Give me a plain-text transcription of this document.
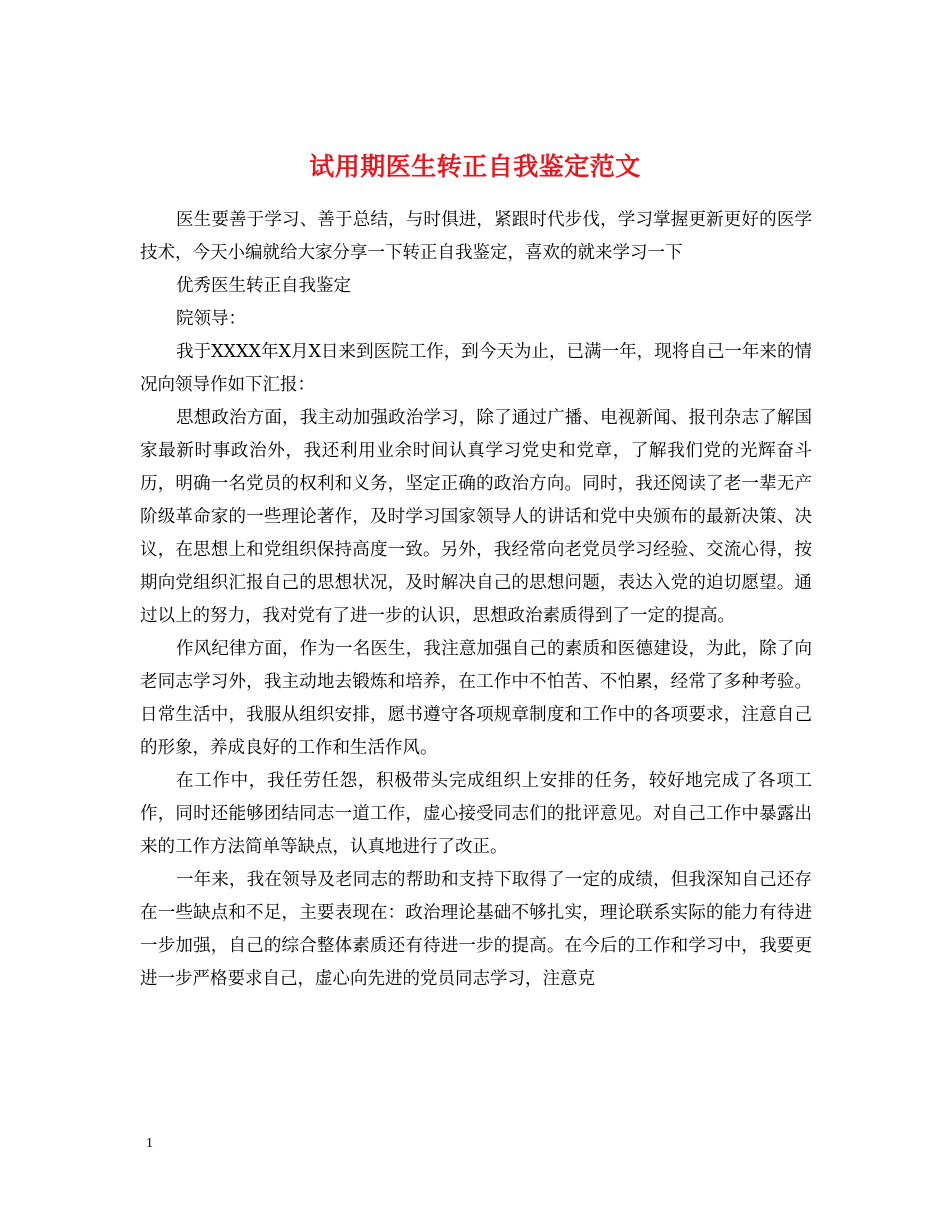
试用期医生转正自我鉴定范文

医生要善于学习、善于总结，与时俱进，紧跟时代步伐，学习掌握更新更好的医学技术，今天小编就给大家分享一下转正自我鉴定，喜欢的就来学习一下

优秀医生转正自我鉴定

院领导：

我于XXXX年X月X日来到医院工作，到今天为止，已满一年，现将自己一年来的情况向领导作如下汇报：

思想政治方面，我主动加强政治学习，除了通过广播、电视新闻、报刊杂志了解国家最新时事政治外，我还利用业余时间认真学习党史和党章，了解我们党的光辉奋斗历，明确一名党员的权利和义务，坚定正确的政治方向。同时，我还阅读了老一辈无产阶级革命家的一些理论著作，及时学习国家领导人的讲话和党中央颁布的最新决策、决议，在思想上和党组织保持高度一致。另外，我经常向老党员学习经验、交流心得，按期向党组织汇报自己的思想状况，及时解决自己的思想问题，表达入党的迫切愿望。通过以上的努力，我对党有了进一步的认识，思想政治素质得到了一定的提高。

作风纪律方面，作为一名医生，我注意加强自己的素质和医德建设，为此，除了向老同志学习外，我主动地去锻炼和培养，在工作中不怕苦、不怕累，经常了多种考验。日常生活中，我服从组织安排，愿书遵守各项规章制度和工作中的各项要求，注意自己的形象，养成良好的工作和生活作风。

在工作中，我任劳任怨，积极带头完成组织上安排的任务，较好地完成了各项工作，同时还能够团结同志一道工作，虚心接受同志们的批评意见。对自己工作中暴露出来的工作方法简单等缺点，认真地进行了改正。

一年来，我在领导及老同志的帮助和支持下取得了一定的成绩，但我深知自己还存在一些缺点和不足，主要表现在：政治理论基础不够扎实，理论联系实际的能力有待进一步加强，自己的综合整体素质还有待进一步的提高。在今后的工作和学习中，我要更进一步严格要求自己，虚心向先进的党员同志学习，注意克

1
